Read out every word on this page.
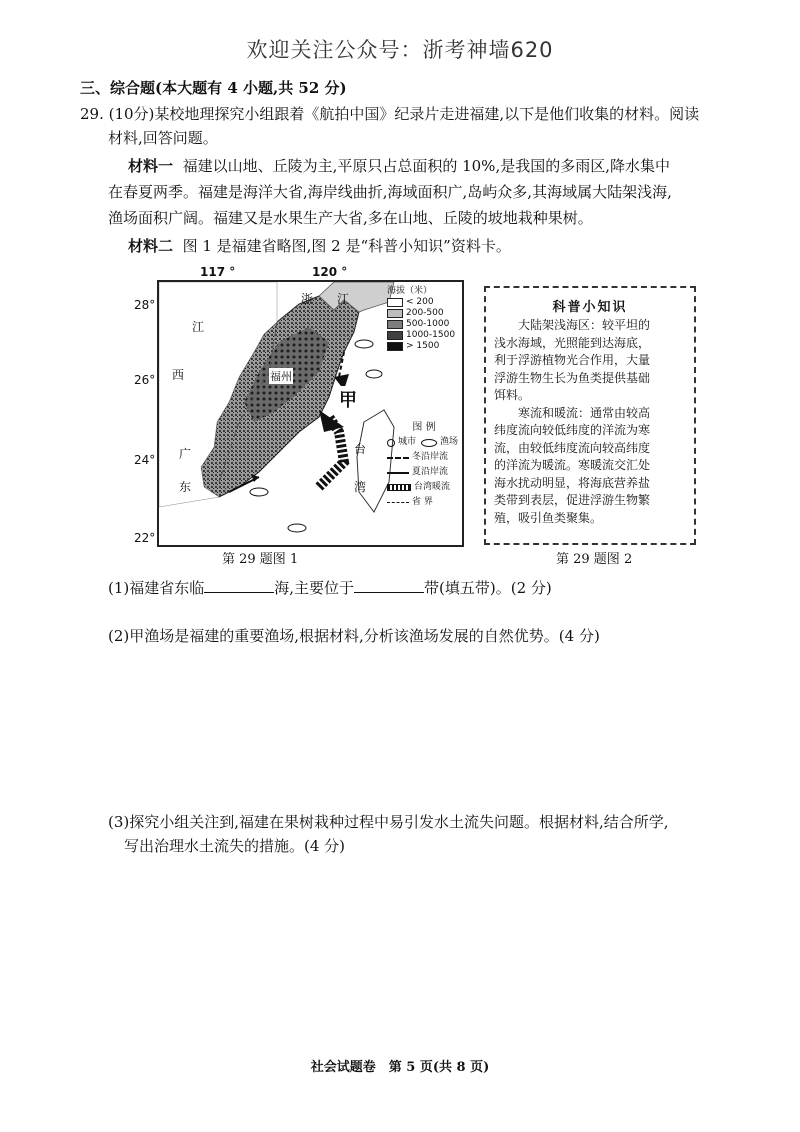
欢迎关注公众号：浙考神墙620
三、综合题(本大题有 4 小题,共 52 分)
29. (10分)某校地理探究小组跟着《航拍中国》纪录片走进福建,以下是他们收集的材料。阅读
材料,回答问题。
材料一 福建以山地、丘陵为主,平原只占总面积的 10%,是我国的多雨区,降水集中
在春夏两季。福建是海洋大省,海岸线曲折,海域面积广,岛屿众多,其海域属大陆架浅海,
渔场面积广阔。福建又是水果生产大省,多在山地、丘陵的坡地栽种果树。
材料二 图 1 是福建省略图,图 2 是“科普小知识”资料卡。
117 °	120 °
28°
26°
24°
22°
浙 江
江
西
广
东
台
湾
福州
甲
海拔（米）
< 200
200-500
500-1000
1000-1500
> 1500
图 例
城市	渔场
冬沿岸流
夏沿岸流
台湾暖流
省 界
第 29 题图 1
科普小知识
大陆架浅海区：较平坦的
浅水海域，光照能到达海底，
利于浮游植物光合作用，大量
浮游生物生长为鱼类提供基础
饵料。
寒流和暖流：通常由较高
纬度流向较低纬度的洋流为寒
流，由较低纬度流向较高纬度
的洋流为暖流。寒暖流交汇处
海水扰动明显，将海底营养盐
类带到表层，促进浮游生物繁
殖，吸引鱼类聚集。
第 29 题图 2
(1)福建省东临	海,主要位于	带(填五带)。(2 分)
(2)甲渔场是福建的重要渔场,根据材料,分析该渔场发展的自然优势。(4 分)
(3)探究小组关注到,福建在果树栽种过程中易引发水土流失问题。根据材料,结合所学,
写出治理水土流失的措施。(4 分)
社会试题卷　第 5 页(共 8 页)
